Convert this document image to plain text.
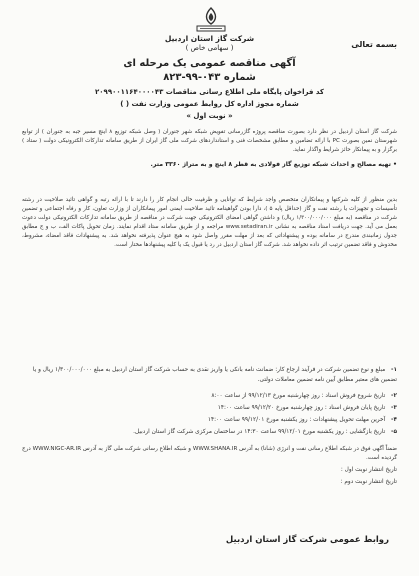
بسمه تعالی
شرکت گاز استان اردبیل
( سهامی خاص )
آگهی مناقصه عمومی یک مرحله ای
شماره ۰۴۳-۹۹-۸۲۳
کد فراخوان پایگاه ملی اطلاع رسانی مناقصات ۲۰۹۹۰۰۱۱۶۴۰۰۰۰۴۳
شماره مجوز اداره کل روابط عمومی وزارت نفت ( )
« نوبت اول »
شرکت گاز استان اردبیل در نظر دارد بصورت مناقصه پروژه گازرسانی تفویض شبکه شهر جنوران ( وصل شبکه توزیع ۸ اینچ مسیر جبه به جنوران ) از توابع شهرستان نمین بصورت PC با ارائه تضامین و مطابق مشخصات فنی و استانداردهای شرکت ملی گاز ایران از طریق سامانه تدارکات الکترونیکی دولت ( ستاد ) برگزار و به پیمانکار حائز شرایط واگذار نماید.
• تهیه مصالح و احداث شبکه توزیع گاز فولادی به قطر ۸ اینچ و به متراژ ۳۳۶۰ متر.
بدین منظور از کلیه شرکتها و پیمانکاران متخصص واجد شرایط که توانایی و ظرفیت خالی انجام کار را دارند تا با ارائه رتبه و گواهی تائید صلاحیت در رشته تأسیسات و تجهیزات یا رشته نفت و گاز (حداقل پایه ۵ )، دارا بودن گواهینامه تائید صلاحیت ایمنی امور پیمانکاران از وزارت تعاون، کار و رفاه اجتماعی و تضمین شرکت در مناقصه (به مبلغ ۱/۳۰۰/۰۰۰/۰۰۰ ریال) و داشتن گواهی امضای الکترونیکی جهت شرکت در مناقصه از طریق سامانه تدارکات الکترونیکی دولت دعوت بعمل می آید. جهت دریافت اسناد مناقصه به نشانی www.setadiran.ir مراجعه و از طریق سامانه ستاد اقدام نمایند. زمان تحویل پاکات الف، ب و ج مطابق جدول زمانبندی مندرج در سامانه بوده و پیشنهاداتی که بعد از مهلت مقرر واصل شود به هیچ عنوان پذیرفته نخواهد شد. به پیشنهادات فاقد امضاء، مشروط، مخدوش و فاقد تضمین ترتیب اثر داده نخواهد شد. شرکت گاز استان اردبیل در رد یا قبول یک یا کلیه پیشنهادها مختار است.
۱- مبلغ و نوع تضمین شرکت در فرآیند ارجاع کار: ضمانت نامه بانکی یا واریز نقدی به حساب شرکت گاز استان اردبیل به مبلغ ۱/۳۰۰/۰۰۰/۰۰۰ ریال و یا تضمین های معتبر مطابق آیین نامه تضمین معاملات دولتی.
۲- تاریخ شروع فروش اسناد : روز چهارشنبه مورخ ۹۹/۱۲/۱۳ از ساعت ۸:۰۰
۳- تاریخ پایان فروش اسناد : روز چهارشنبه مورخ ۹۹/۱۲/۲۰ ساعت ۱۴:۰۰
۴- آخرین مهلت تحویل پیشنهادات : روز یکشنبه مورخ ۹۹/۱۲/۰۱ ساعت ۱۴:۰۰
۵- تاریخ بازگشایی : روز یکشنبه مورخ ۹۹/۱۲/۰۱ ساعت ۱۴:۳۰ در ساختمان مرکزی شرکت گاز استان اردبیل.
ضمناً آگهی فوق در شبکه اطلاع رسانی نفت و انرژی (شانا) به آدرس WWW.SHANA.IR و شبکه اطلاع رسانی شرکت ملی گاز به آدرس WWW.NIGC-AR.IR درج گردیده است.
تاریخ انتشار نوبت اول :
تاریخ انتشار نوبت دوم :
روابط عمومی شرکت گاز استان اردبیل
